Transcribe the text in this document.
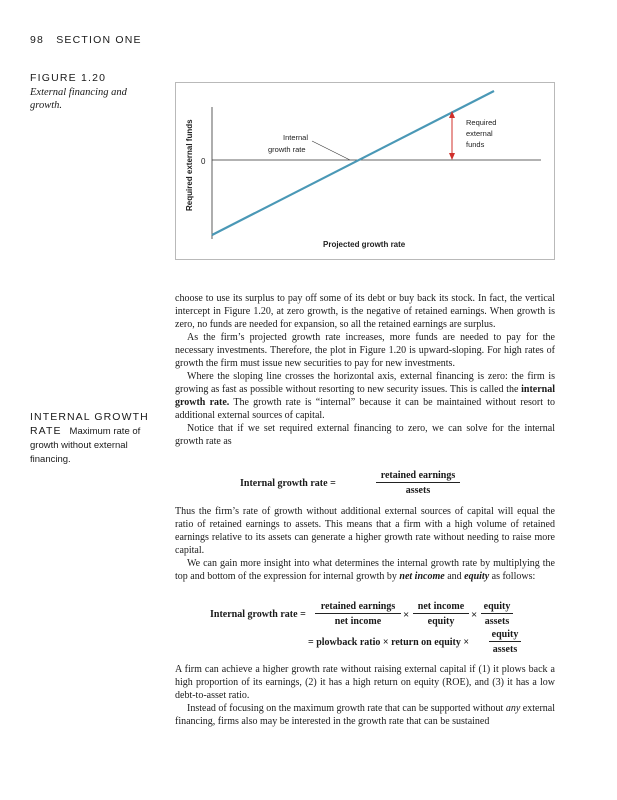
98 SECTION ONE
FIGURE 1.20
External financing and growth.
Required external funds 0
Projected growth rate
Internal
growth rate
Required
external
funds

choose to use its surplus to pay off some of its debt or buy back its stock. In fact, the vertical intercept in Figure 1.20, at zero growth, is the negative of retained earnings. When growth is zero, no funds are needed for expansion, so all the retained earnings are surplus.

As the firm’s projected growth rate increases, more funds are needed to pay for the necessary investments. Therefore, the plot in Figure 1.20 is upward-sloping. For high rates of growth the firm must issue new securities to pay for new investments.

Where the sloping line crosses the horizontal axis, external financing is zero: the firm is growing as fast as possible without resorting to new security issues. This is called the internal growth rate. The growth rate is “internal” because it can be maintained without resort to additional external sources of capital.

Notice that if we set required external financing to zero, we can solve for the internal growth rate as

INTERNAL GROWTH
RATE Maximum rate of
growth without external
financing.
Internal growth rate =
retained earnings
assets

Thus the firm’s rate of growth without additional external sources of capital will equal the ratio of retained earnings to assets. This means that a firm with a high volume of retained earnings relative to its assets can generate a higher growth rate without needing to raise more capital.

We can gain more insight into what determines the internal growth rate by multiplying the top and bottom of the expression for internal growth by net income and equity as follows:

Internal growth rate =
retained earnings
net income
×
net income
equity
×
equity
assets
= plowback ratio × return on equity ×
equity
assets

A firm can achieve a higher growth rate without raising external capital if (1) it plows back a high proportion of its earnings, (2) it has a high return on equity (ROE), and (3) it has a low debt-to-asset ratio.

Instead of focusing on the maximum growth rate that can be supported without any external financing, firms also may be interested in the growth rate that can be sustained
